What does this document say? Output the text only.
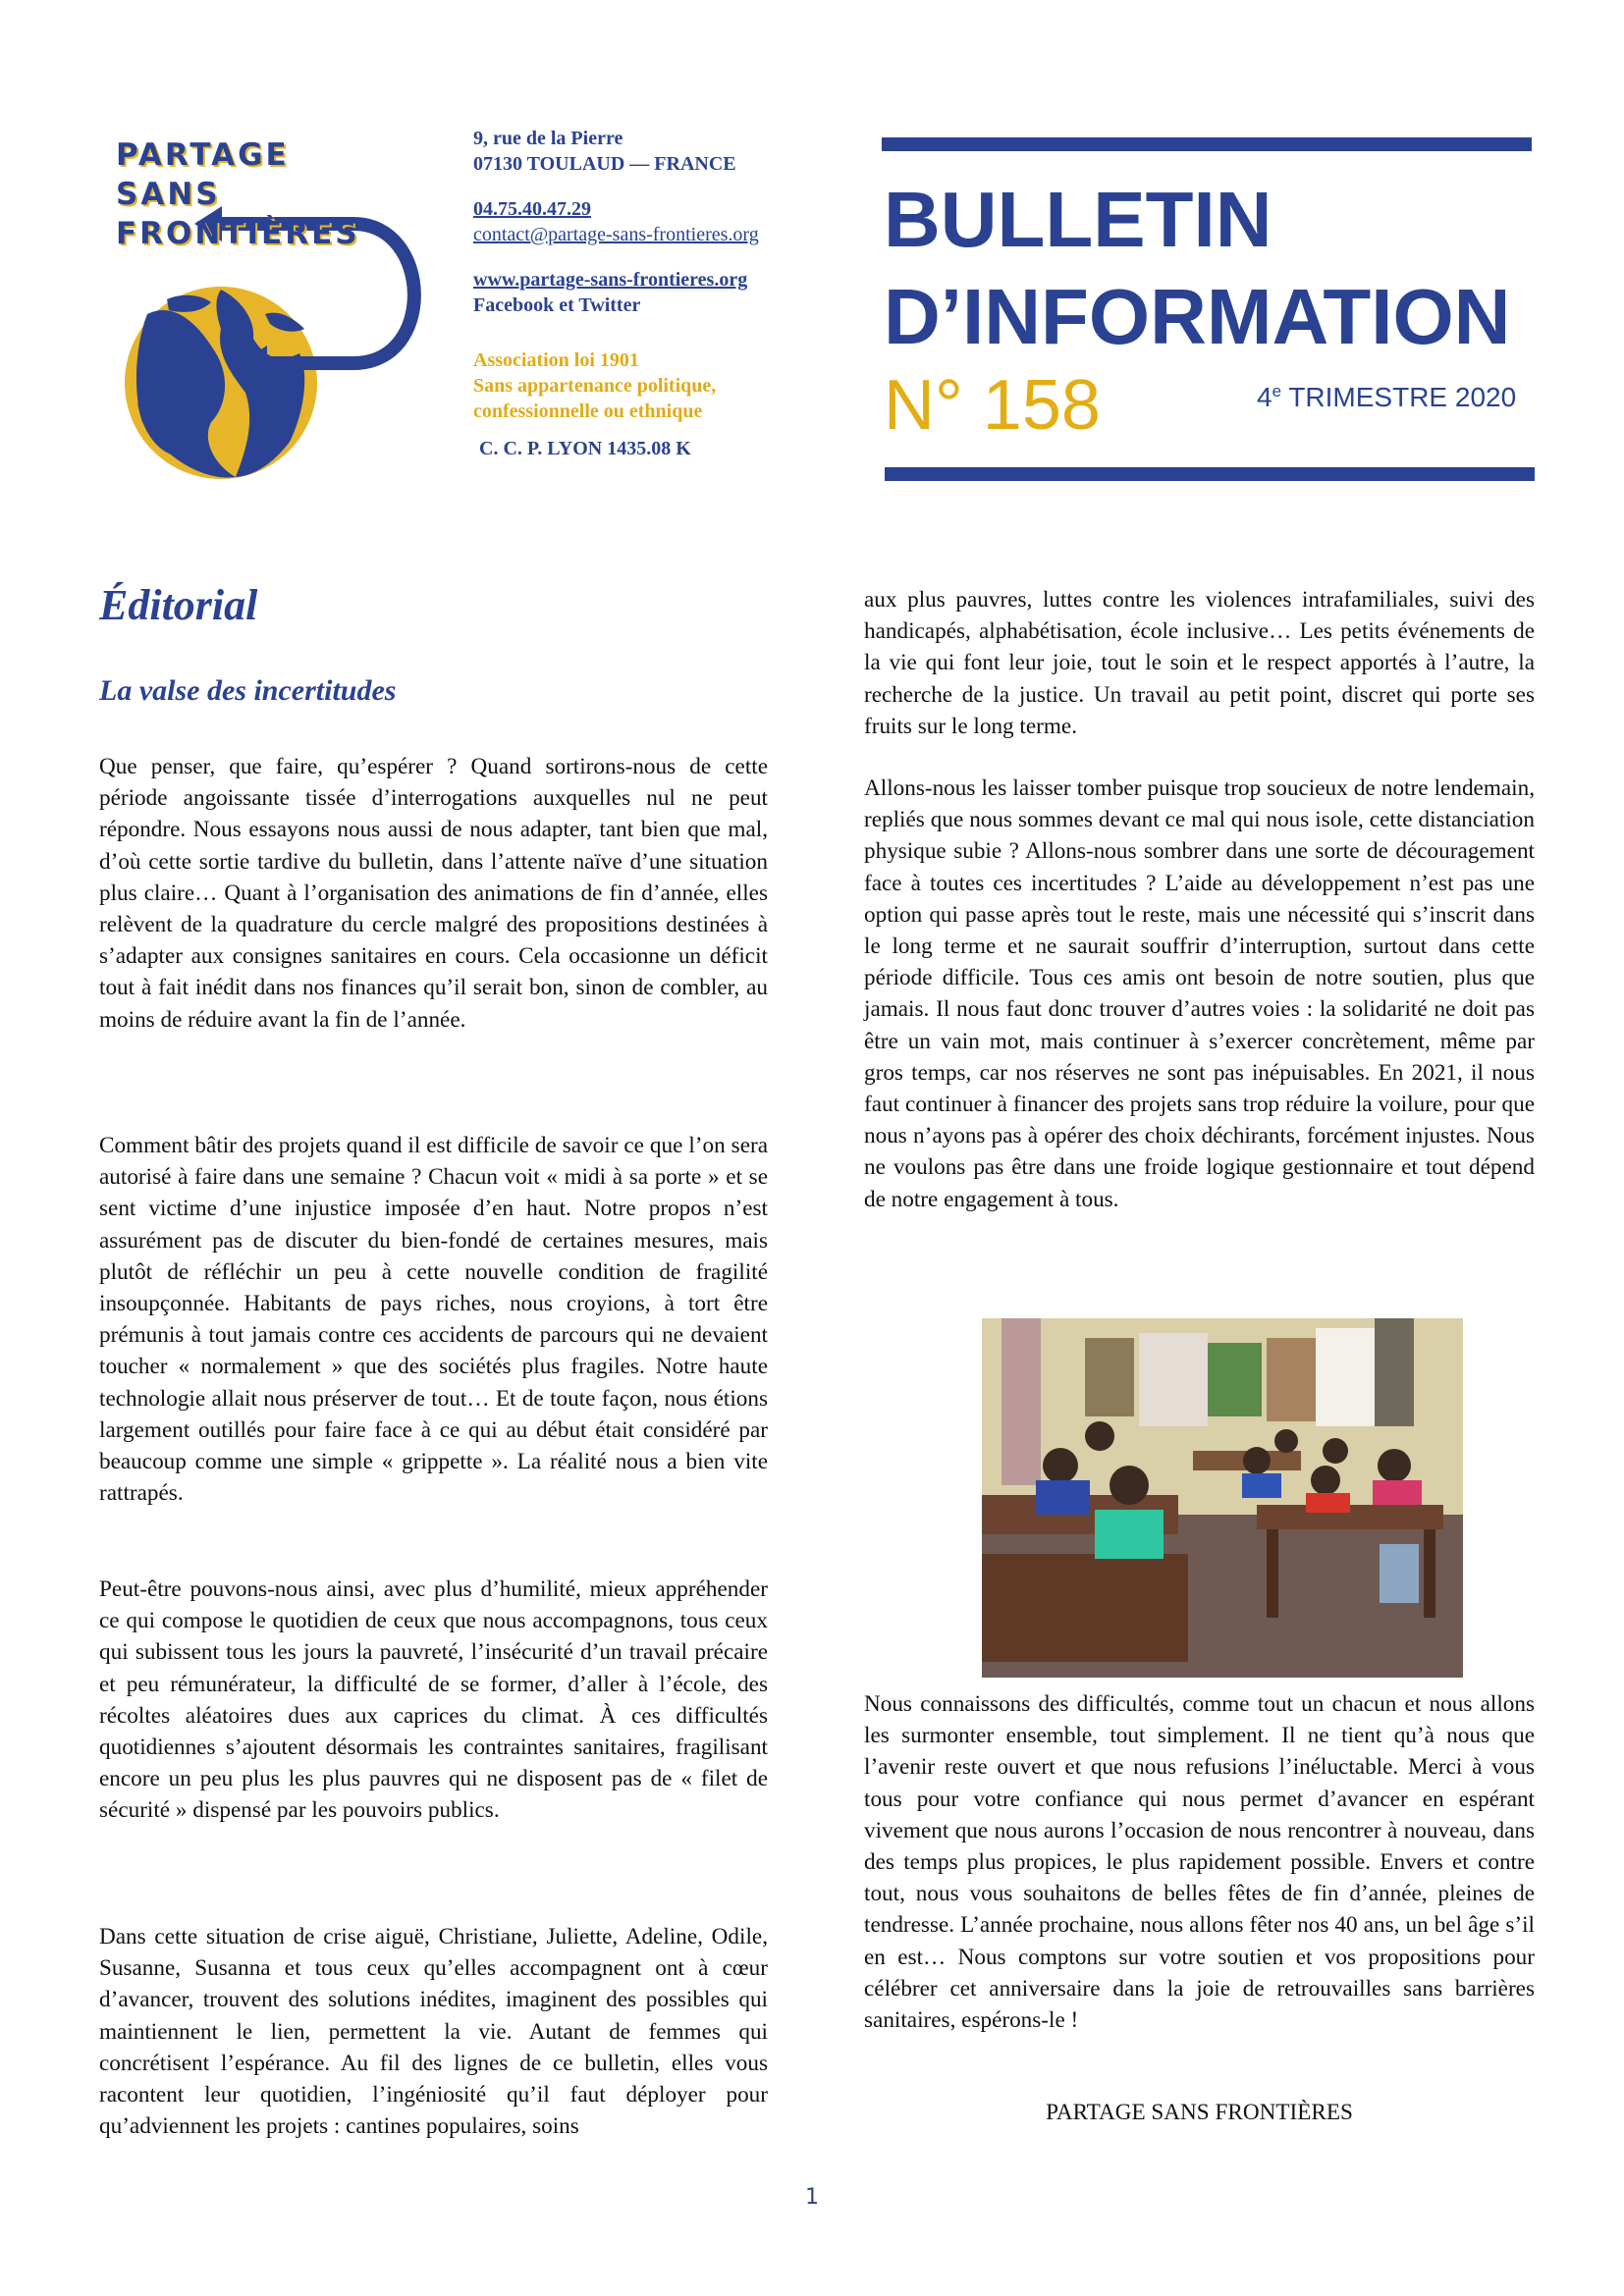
PARTAGE
SANS
FRONTIÈRES
9, rue de la Pierre
07130 TOULAUD — FRANCE
04.75.40.47.29
contact@partage-sans-frontieres.org
www.partage-sans-frontieres.org
Facebook et Twitter
Association loi 1901
Sans appartenance politique,
confessionnelle ou ethnique
C. C. P. LYON 1435.08 K
BULLETIN
D’INFORMATION
N° 158	4e TRIMESTRE 2020
Éditorial
La valse des incertitudes

Que penser, que faire, qu’espérer ? Quand sortirons-nous de cette période angoissante tissée d’interrogations auxquelles nul ne peut répondre. Nous essayons nous aussi de nous adapter, tant bien que mal, d’où cette sortie tardive du bulletin, dans l’attente naïve d’une situation plus claire… Quant à l’organisation des animations de fin d’année, elles relèvent de la quadrature du cercle malgré des propositions destinées à s’adapter aux consignes sanitaires en cours. Cela occasionne un déficit tout à fait inédit dans nos finances qu’il serait bon, sinon de combler, au moins de réduire avant la fin de l’année.

Comment bâtir des projets quand il est difficile de savoir ce que l’on sera autorisé à faire dans une semaine ? Chacun voit « midi à sa porte » et se sent victime d’une injustice imposée d’en haut. Notre propos n’est assurément pas de discuter du bien-fondé de certaines mesures, mais plutôt de réfléchir un peu à cette nouvelle condition de fragilité insoupçonnée. Habitants de pays riches, nous croyions, à tort être prémunis à tout jamais contre ces accidents de parcours qui ne devaient toucher « normalement » que des sociétés plus fragiles. Notre haute technologie allait nous préserver de tout… Et de toute façon, nous étions largement outillés pour faire face à ce qui au début était considéré par beaucoup comme une simple « grippette ». La réalité nous a bien vite rattrapés.

Peut-être pouvons-nous ainsi, avec plus d’humilité, mieux appréhender ce qui compose le quotidien de ceux que nous accompagnons, tous ceux qui subissent tous les jours la pauvreté, l’insécurité d’un travail précaire et peu rémunérateur, la difficulté de se former, d’aller à l’école, des récoltes aléatoires dues aux caprices du climat. À ces difficultés quotidiennes s’ajoutent désormais les contraintes sanitaires, fragilisant encore un peu plus les plus pauvres qui ne disposent pas de « filet de sécurité » dispensé par les pouvoirs publics.

Dans cette situation de crise aiguë, Christiane, Juliette, Adeline, Odile, Susanne, Susanna et tous ceux qu’elles accompagnent ont à cœur d’avancer, trouvent des solutions inédites, imaginent des possibles qui maintiennent le lien, permettent la vie. Autant de femmes qui concrétisent l’espérance. Au fil des lignes de ce bulletin, elles vous racontent leur quotidien, l’ingéniosité qu’il faut déployer pour qu’adviennent les projets : cantines populaires, soins

aux plus pauvres, luttes contre les violences intrafamiliales, suivi des handicapés, alphabétisation, école inclusive… Les petits événements de la vie qui font leur joie, tout le soin et le respect apportés à l’autre, la recherche de la justice. Un travail au petit point, discret qui porte ses fruits sur le long terme.

Allons-nous les laisser tomber puisque trop soucieux de notre lendemain, repliés que nous sommes devant ce mal qui nous isole, cette distanciation physique subie ? Allons-nous sombrer dans une sorte de découragement face à toutes ces incertitudes ? L’aide au développement n’est pas une option qui passe après tout le reste, mais une nécessité qui s’inscrit dans le long terme et ne saurait souffrir d’interruption, surtout dans cette période difficile. Tous ces amis ont besoin de notre soutien, plus que jamais. Il nous faut donc trouver d’autres voies : la solidarité ne doit pas être un vain mot, mais continuer à s’exercer concrètement, même par gros temps, car nos réserves ne sont pas inépuisables. En 2021, il nous faut continuer à financer des projets sans trop réduire la voilure, pour que nous n’ayons pas à opérer des choix déchirants, forcément injustes. Nous ne voulons pas être dans une froide logique gestionnaire et tout dépend de notre engagement à tous.

Nous connaissons des difficultés, comme tout un chacun et nous allons les surmonter ensemble, tout simplement. Il ne tient qu’à nous que l’avenir reste ouvert et que nous refusions l’inéluctable. Merci à vous tous pour votre confiance qui nous permet d’avancer en espérant vivement que nous aurons l’occasion de nous rencontrer à nouveau, dans des temps plus propices, le plus rapidement possible. Envers et contre tout, nous vous souhaitons de belles fêtes de fin d’année, pleines de tendresse. L’année prochaine, nous allons fêter nos 40 ans, un bel âge s’il en est… Nous comptons sur votre soutien et vos propositions pour célébrer cet anniversaire dans la joie de retrouvailles sans barrières sanitaires, espérons-le !

PARTAGE SANS FRONTIÈRES
1
